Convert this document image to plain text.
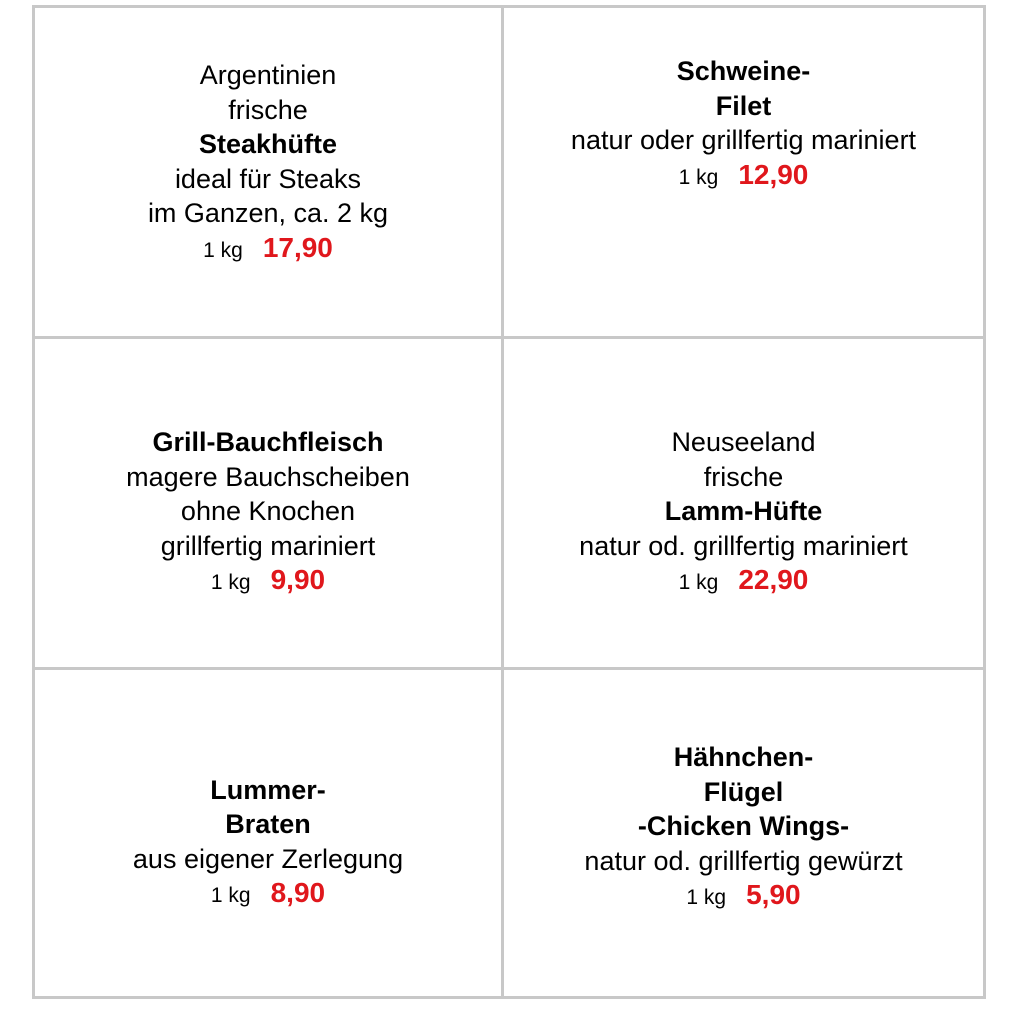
Argentinien
frische
Steakhüfte
ideal für Steaks
im Ganzen, ca. 2 kg
1 kg 17,90
Schweine-
Filet
natur oder grillfertig mariniert
1 kg 12,90
Grill-Bauchfleisch
magere Bauchscheiben
ohne Knochen
grillfertig mariniert
1 kg 9,90
Neuseeland
frische
Lamm-Hüfte
natur od. grillfertig mariniert
1 kg 22,90
Lummer-
Braten
aus eigener Zerlegung
1 kg 8,90
Hähnchen-
Flügel
-Chicken Wings-
natur od. grillfertig gewürzt
1 kg 5,90
